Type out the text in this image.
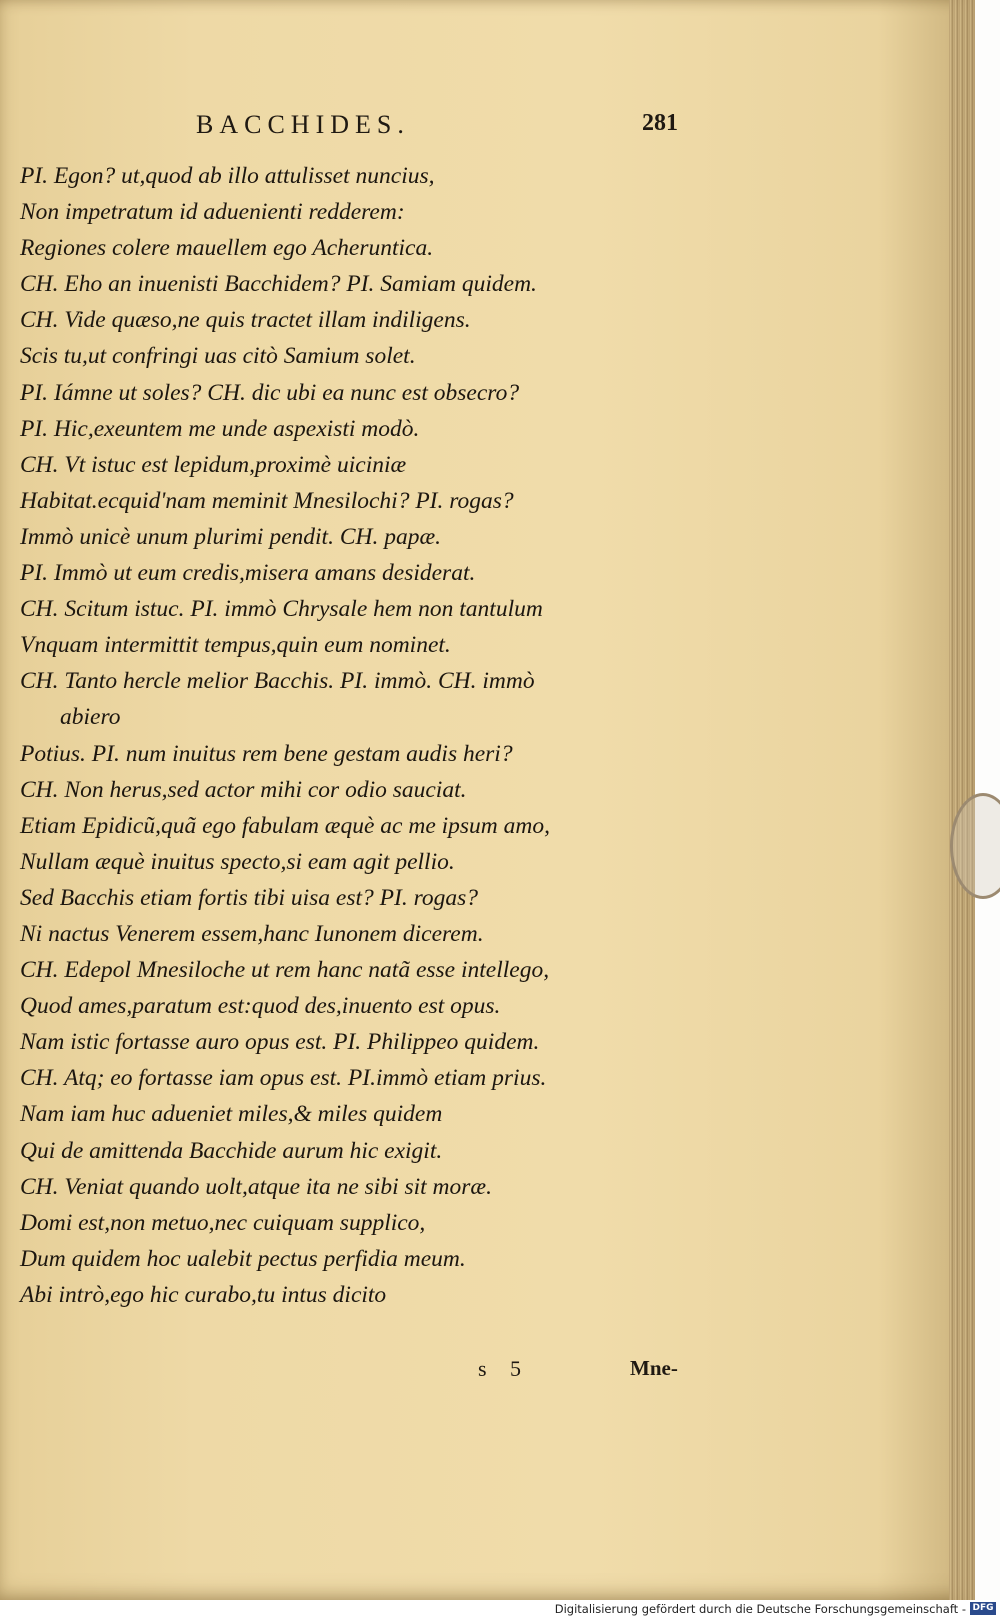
BACCHIDES.	281
PI. Egon? ut,quod ab illo attulisset nuncius,
Non impetratum id aduenienti redderem:
Regiones colere mauellem ego Acheruntica.
CH. Eho an inuenisti Bacchidem? PI. Samiam quidem.
CH. Vide quæso,ne quis tractet illam indiligens.
Scis tu,ut confringi uas citò Samium solet.
PI. Iámne ut soles? CH. dic ubi ea nunc est obsecro?
PI. Hic,exeuntem me unde aspexisti modò.
CH. Vt istuc est lepidum,proximè uiciniæ
Habitat.ecquid'nam meminit Mnesilochi? PI. rogas?
Immò unicè unum plurimi pendit. CH. papæ.
PI. Immò ut eum credis,misera amans desiderat.
CH. Scitum istuc. PI. immò Chrysale hem non tantulum
Vnquam intermittit tempus,quin eum nominet.
CH. Tanto hercle melior Bacchis. PI. immò. CH. immò
abiero
Potius. PI. num inuitus rem bene gestam audis heri?
CH. Non herus,sed actor mihi cor odio sauciat.
Etiam Epidicũ,quã ego fabulam æquè ac me ipsum amo,
Nullam æquè inuitus specto,si eam agit pellio.
Sed Bacchis etiam fortis tibi uisa est? PI. rogas?
Ni nactus Venerem essem,hanc Iunonem dicerem.
CH. Edepol Mnesiloche ut rem hanc natã esse intellego,
Quod ames,paratum est:quod des,inuento est opus.
Nam istic fortasse auro opus est. PI. Philippeo quidem.
CH. Atq; eo fortasse iam opus est. PI.immò etiam prius.
Nam iam huc adueniet miles,& miles quidem
Qui de amittenda Bacchide aurum hic exigit.
CH. Veniat quando uolt,atque ita ne sibi sit moræ.
Domi est,non metuo,nec cuiquam supplico,
Dum quidem hoc ualebit pectus perfidia meum.
Abi intrò,ego hic curabo,tu intus dicito
s 5	Mne-
Digitalisierung gefördert durch die Deutsche Forschungsgemeinschaft - DFG
